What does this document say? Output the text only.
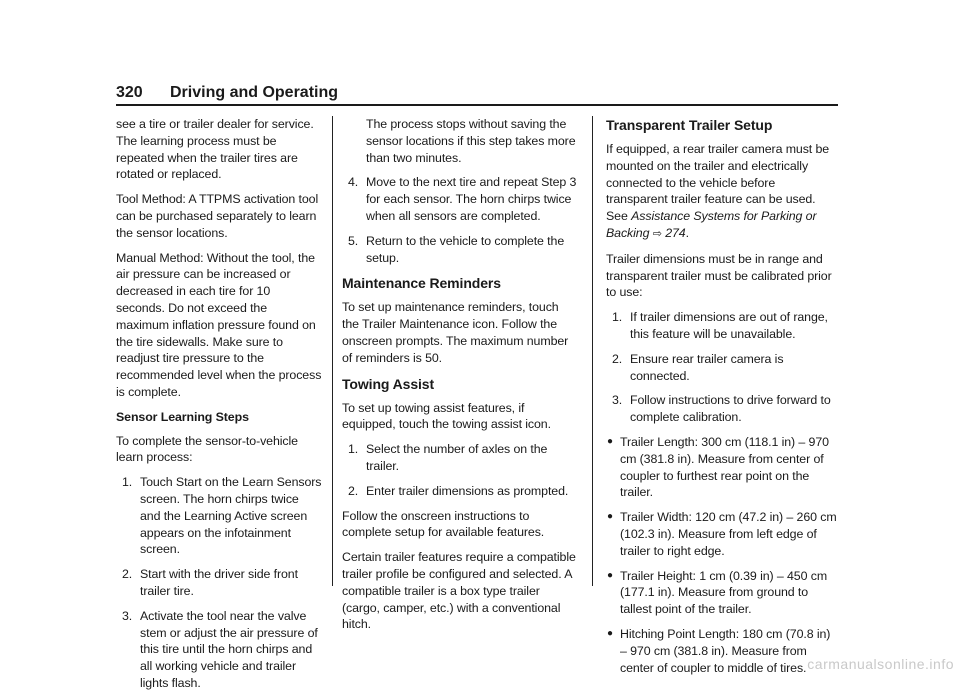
320 Driving and Operating

see a tire or trailer dealer for service. The learning process must be repeated when the trailer tires are rotated or replaced.

Tool Method: A TTPMS activation tool can be purchased separately to learn the sensor locations.

Manual Method: Without the tool, the air pressure can be increased or decreased in each tire for 10 seconds. Do not exceed the maximum inflation pressure found on the tire sidewalls. Make sure to readjust tire pressure to the recommended level when the process is complete.

Sensor Learning Steps

To complete the sensor-to-vehicle learn process:

1. Touch Start on the Learn Sensors screen. The horn chirps twice and the Learning Active screen appears on the infotainment screen.
2. Start with the driver side front trailer tire.
3. Activate the tool near the valve stem or adjust the air pressure of this tire until the horn chirps and all working vehicle and trailer lights flash.

The process stops without saving the sensor locations if this step takes more than two minutes.

4. Move to the next tire and repeat Step 3 for each sensor. The horn chirps twice when all sensors are completed.
5. Return to the vehicle to complete the setup.
Maintenance Reminders

To set up maintenance reminders, touch the Trailer Maintenance icon. Follow the onscreen prompts. The maximum number of reminders is 50.

Towing Assist

To set up towing assist features, if equipped, touch the towing assist icon.

1. Select the number of axles on the trailer.
2. Enter trailer dimensions as prompted.

Follow the onscreen instructions to complete setup for available features.

Certain trailer features require a compatible trailer profile be configured and selected. A compatible trailer is a box type trailer (cargo, camper, etc.) with a conventional hitch.

Transparent Trailer Setup

If equipped, a rear trailer camera must be mounted on the trailer and electrically connected to the vehicle before transparent trailer feature can be used. See Assistance Systems for Parking or Backing ⇨ 274.

Trailer dimensions must be in range and transparent trailer must be calibrated prior to use:

1. If trailer dimensions are out of range, this feature will be unavailable.
2. Ensure rear trailer camera is connected.
3. Follow instructions to drive forward to complete calibration.
● Trailer Length: 300 cm (118.1 in) – 970 cm (381.8 in). Measure from center of coupler to furthest rear point on the trailer.
● Trailer Width: 120 cm (47.2 in) – 260 cm (102.3 in). Measure from left edge of trailer to right edge.
● Trailer Height: 1 cm (0.39 in) – 450 cm (177.1 in). Measure from ground to tallest point of the trailer.
● Hitching Point Length: 180 cm (70.8 in) – 970 cm (381.8 in). Measure from center of coupler to middle of tires. carmanualsonline.info
